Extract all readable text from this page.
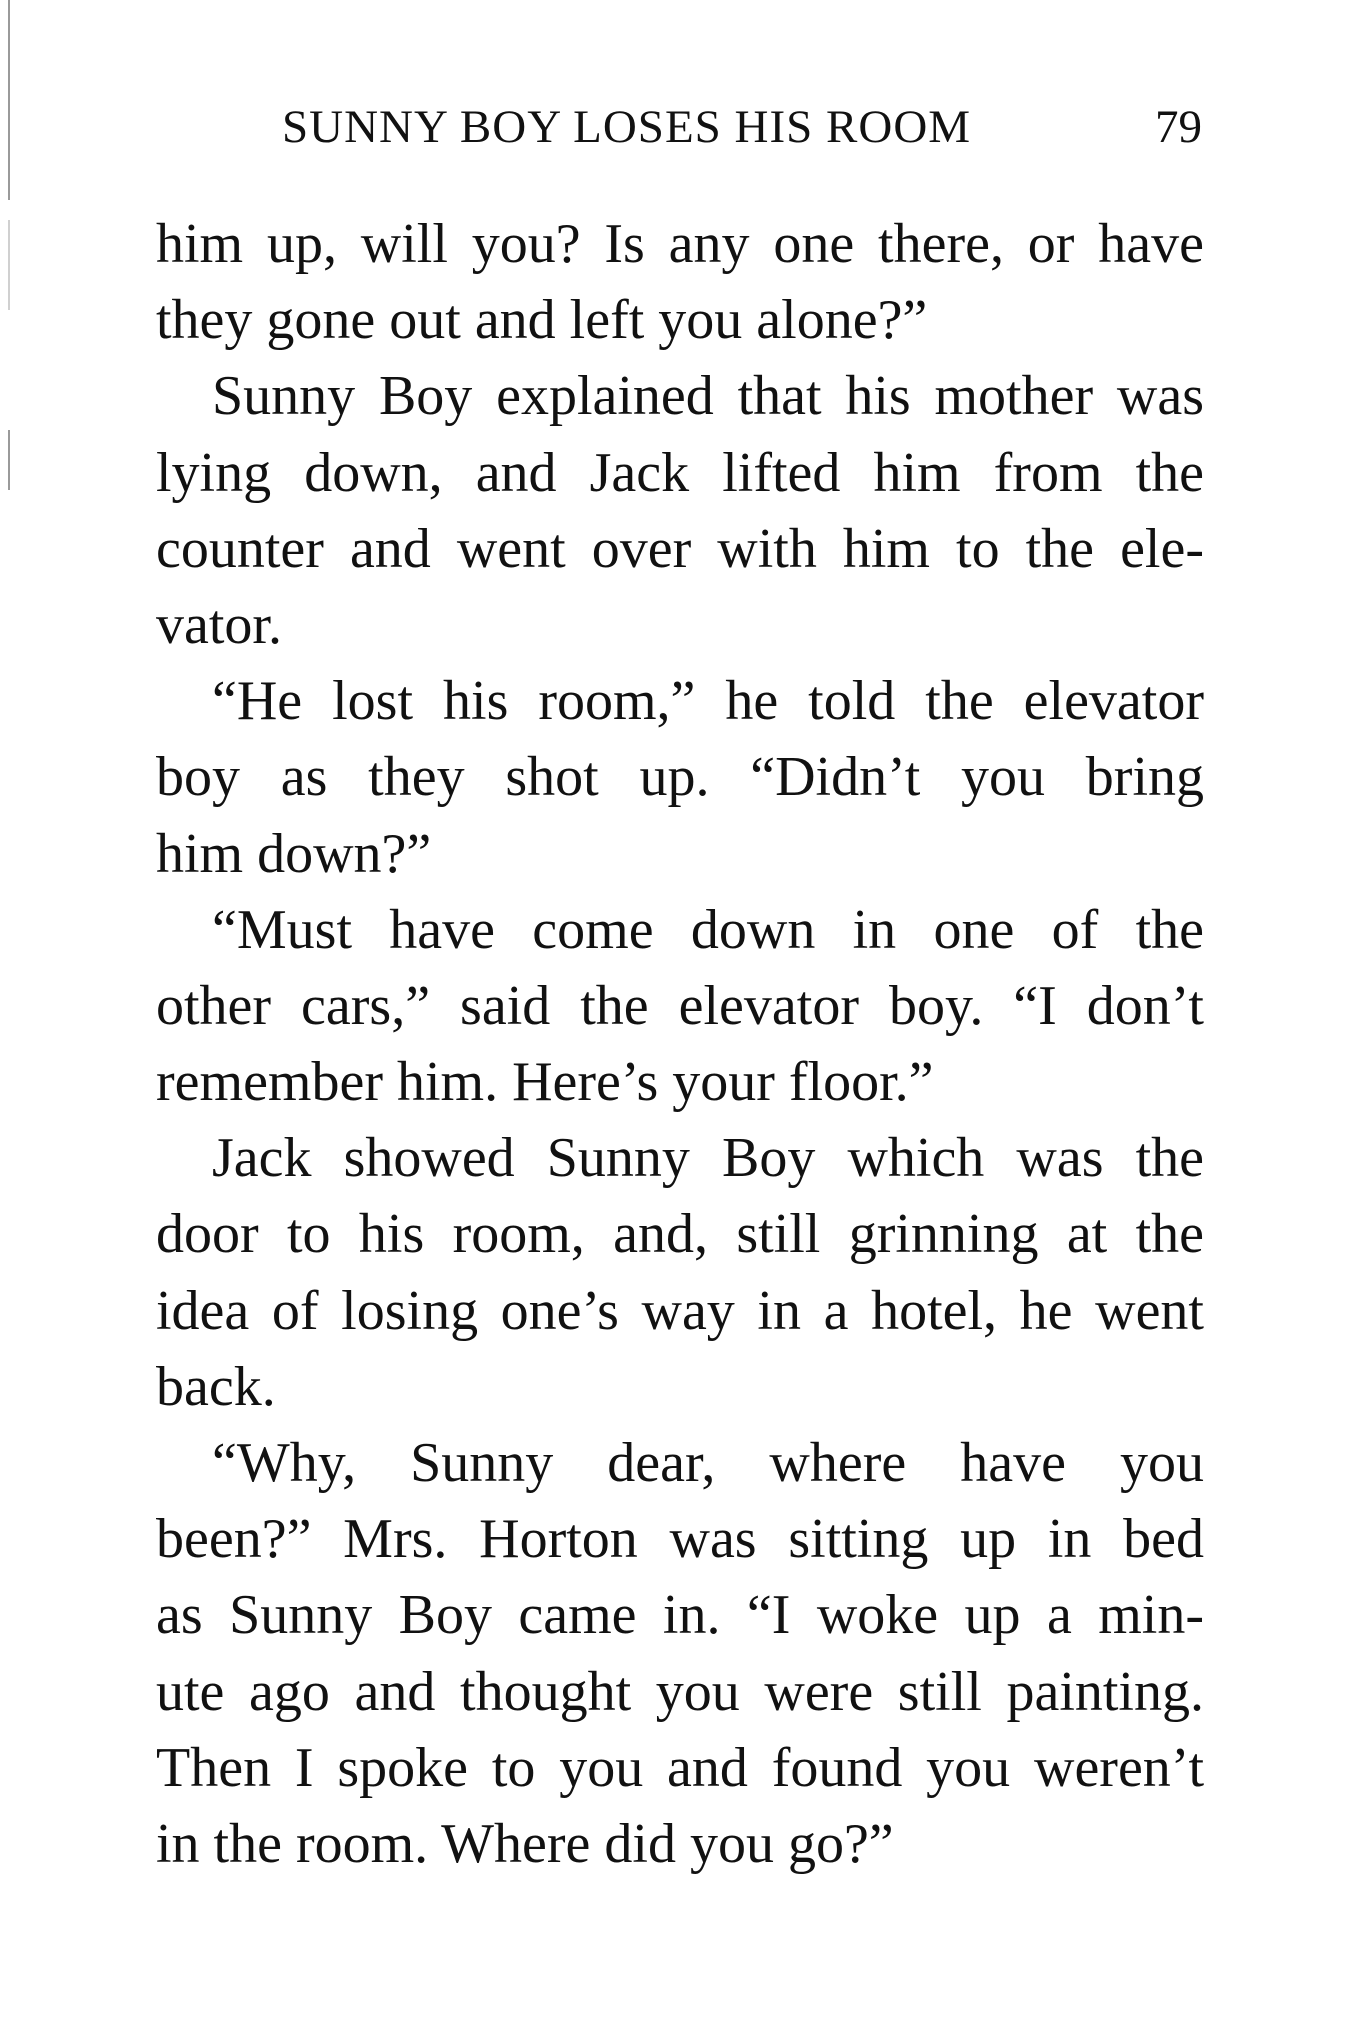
SUNNY BOY LOSES HIS ROOM	79
him up, will you? Is any one there, or have
they gone out and left you alone?”
Sunny Boy explained that his mother was
lying down, and Jack lifted him from the
counter and went over with him to the ele-
vator.
“He lost his room,” he told the elevator
boy as they shot up. “Didn’t you bring
him down?”
“Must have come down in one of the
other cars,” said the elevator boy. “I don’t
remember him. Here’s your floor.”
Jack showed Sunny Boy which was the
door to his room, and, still grinning at the
idea of losing one’s way in a hotel, he went
back.
“Why, Sunny dear, where have you
been?” Mrs. Horton was sitting up in bed
as Sunny Boy came in. “I woke up a min-
ute ago and thought you were still painting.
Then I spoke to you and found you weren’t
in the room. Where did you go?”
